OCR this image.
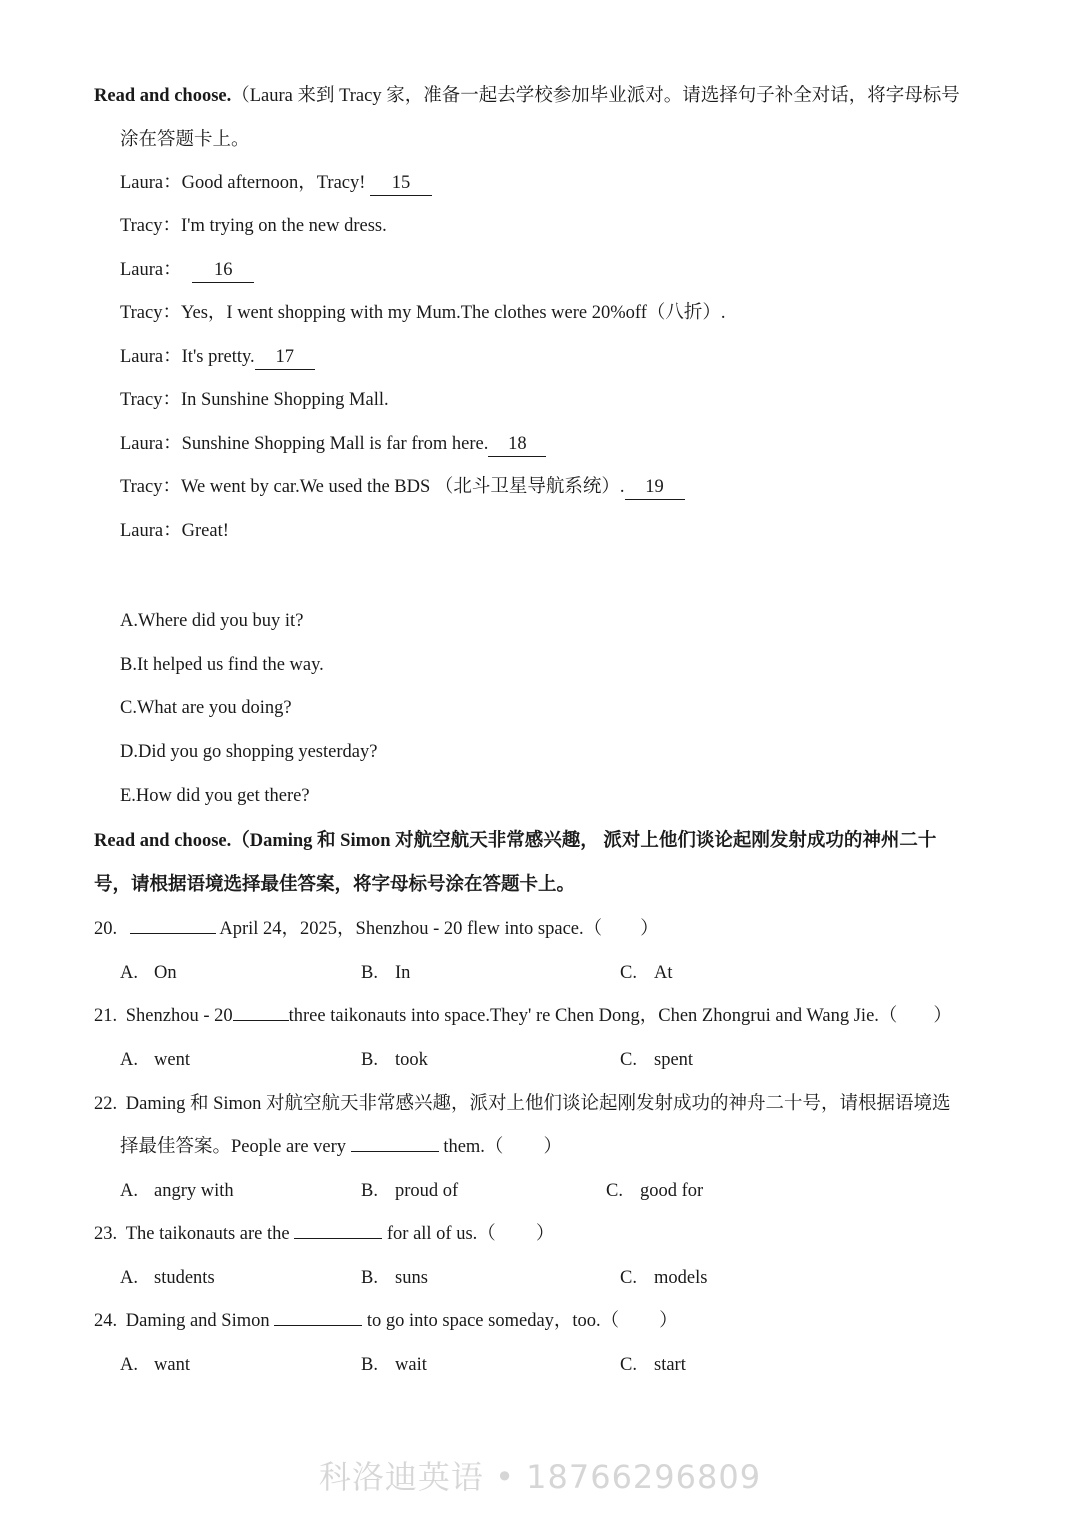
Read and choose.（Laura 来到 Tracy 家，准备一起去学校参加毕业派对。请选择句子补全对话，将字母标号
涂在答题卡上。
Laura：Good afternoon，Tracy! 15
Tracy：I'm trying on the new dress.
Laura： 16
Tracy：Yes，I went shopping with my Mum.The clothes were 20%off（八折）.
Laura：It's pretty. 17
Tracy：In Sunshine Shopping Mall.
Laura：Sunshine Shopping Mall is far from here. 18
Tracy：We went by car.We used the BDS （北斗卫星导航系统）. 19
Laura：Great!
A.Where did you buy it?
B.It helped us find the way.
C.What are you doing?
D.Did you go shopping yesterday?
E.How did you get there?
Read and choose.（Daming 和 Simon 对航空航天非常感兴趣， 派对上他们谈论起刚发射成功的神州二十
号，请根据语境选择最佳答案，将字母标号涂在答题卡上。
20.	April 24，2025，Shenzhou - 20 flew into space.（ ）
A. On	B. In	C. At
21. Shenzhou - 20	three taikonauts into space.They' re Chen Dong，Chen Zhongrui and Wang Jie.（ ）
A. went	B. took	C. spent
22. Daming 和 Simon 对航空航天非常感兴趣，派对上他们谈论起刚发射成功的神舟二十号，请根据语境选
择最佳答案。People are very	them.（ ）
A. angry with	B. proud of	C. good for
23. The taikonauts are the	for all of us.（ ）
A. students	B. suns	C. models
24. Daming and Simon	to go into space someday，too.（ ）
A. want	B. wait	C. start
科洛迪英语 • 18766296809
